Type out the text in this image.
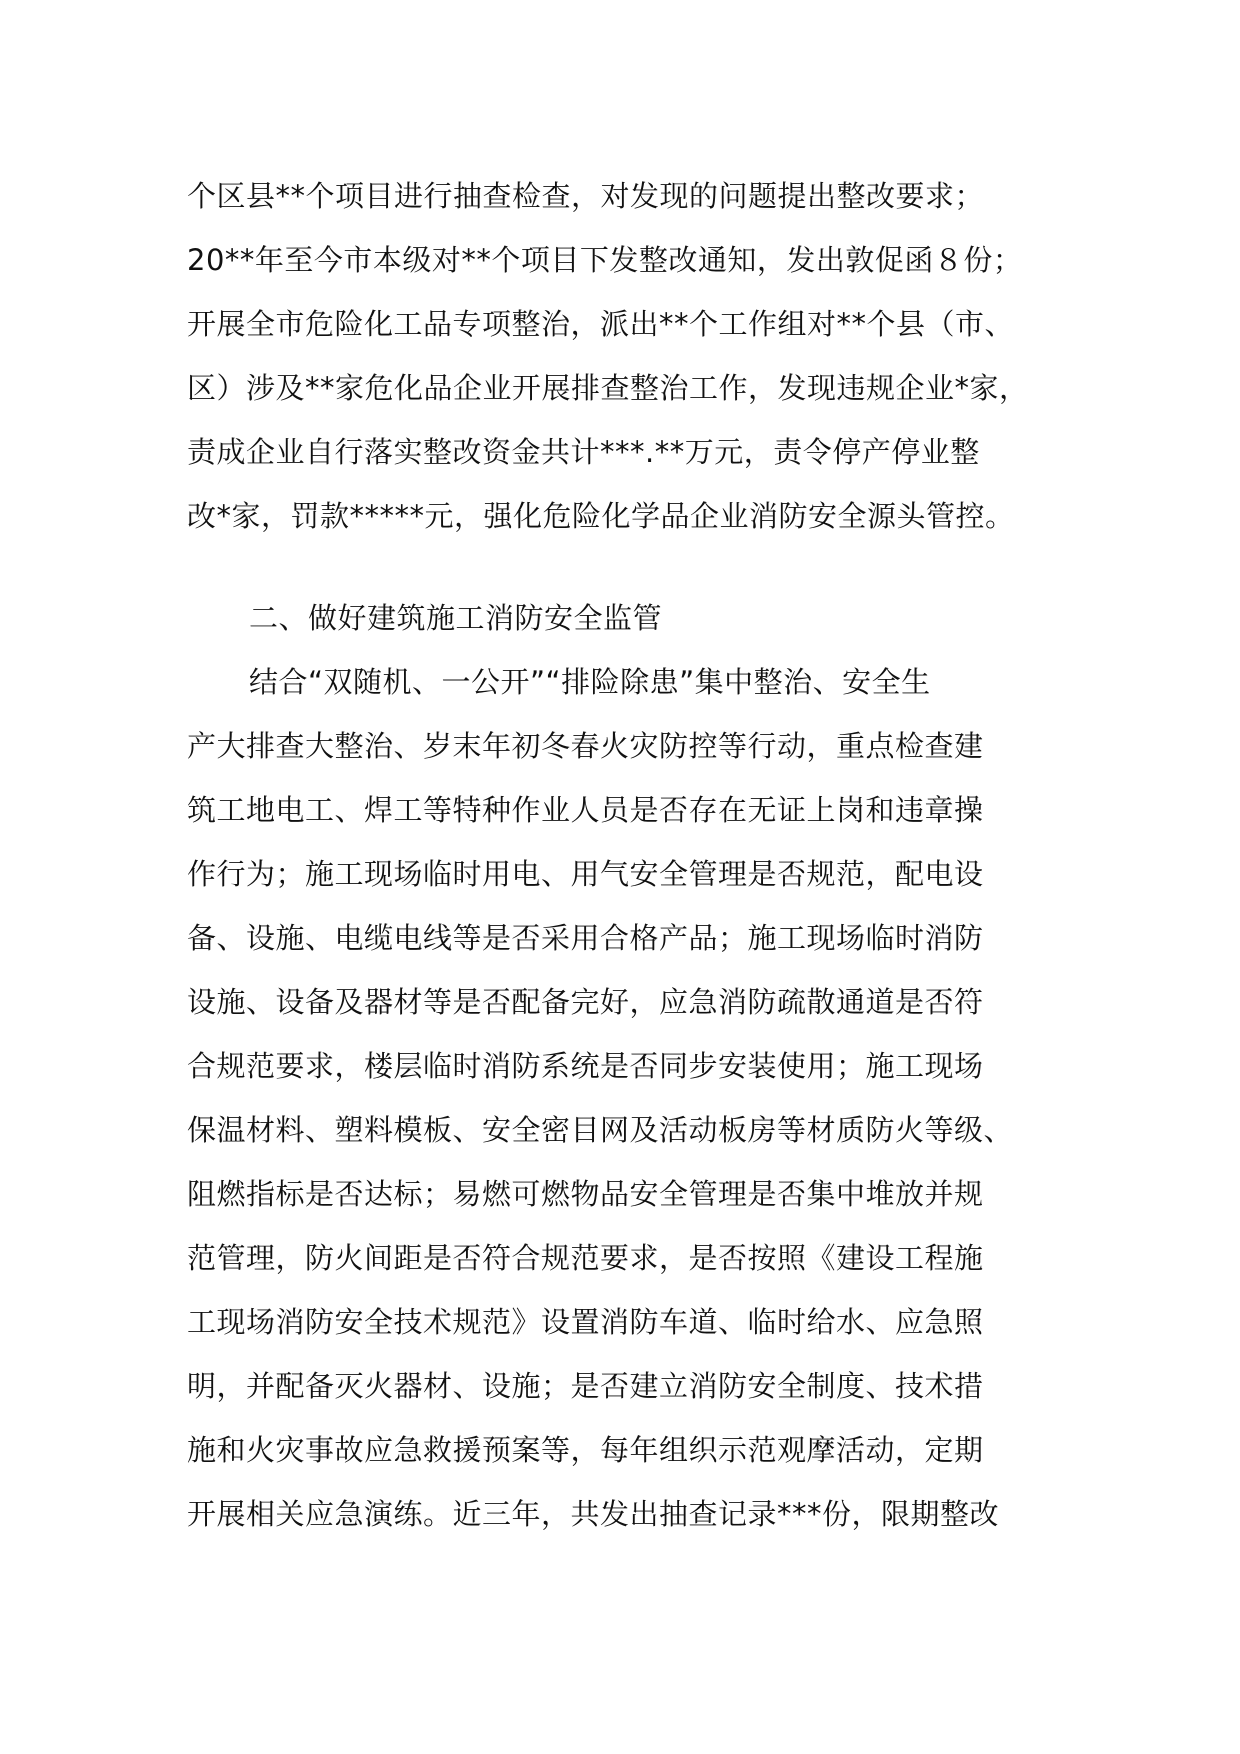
个区县**个项目进行抽查检查，对发现的问题提出整改要求；
20**年至今市本级对**个项目下发整改通知，发出敦促函８份；
开展全市危险化工品专项整治，派出**个工作组对**个县（市、
区）涉及**家危化品企业开展排查整治工作，发现违规企业*家，
责成企业自行落实整改资金共计***.**万元，责令停产停业整
改*家，罚款*****元，强化危险化学品企业消防安全源头管控。
二、做好建筑施工消防安全监管
结合“双随机、一公开”“排险除患”集中整治、安全生
产大排查大整治、岁末年初冬春火灾防控等行动，重点检查建
筑工地电工、焊工等特种作业人员是否存在无证上岗和违章操
作行为；施工现场临时用电、用气安全管理是否规范，配电设
备、设施、电缆电线等是否采用合格产品；施工现场临时消防
设施、设备及器材等是否配备完好，应急消防疏散通道是否符
合规范要求，楼层临时消防系统是否同步安装使用；施工现场
保温材料、塑料模板、安全密目网及活动板房等材质防火等级、
阻燃指标是否达标；易燃可燃物品安全管理是否集中堆放并规
范管理，防火间距是否符合规范要求，是否按照《建设工程施
工现场消防安全技术规范》设置消防车道、临时给水、应急照
明，并配备灭火器材、设施；是否建立消防安全制度、技术措
施和火灾事故应急救援预案等，每年组织示范观摩活动，定期
开展相关应急演练。近三年，共发出抽查记录***份，限期整改
